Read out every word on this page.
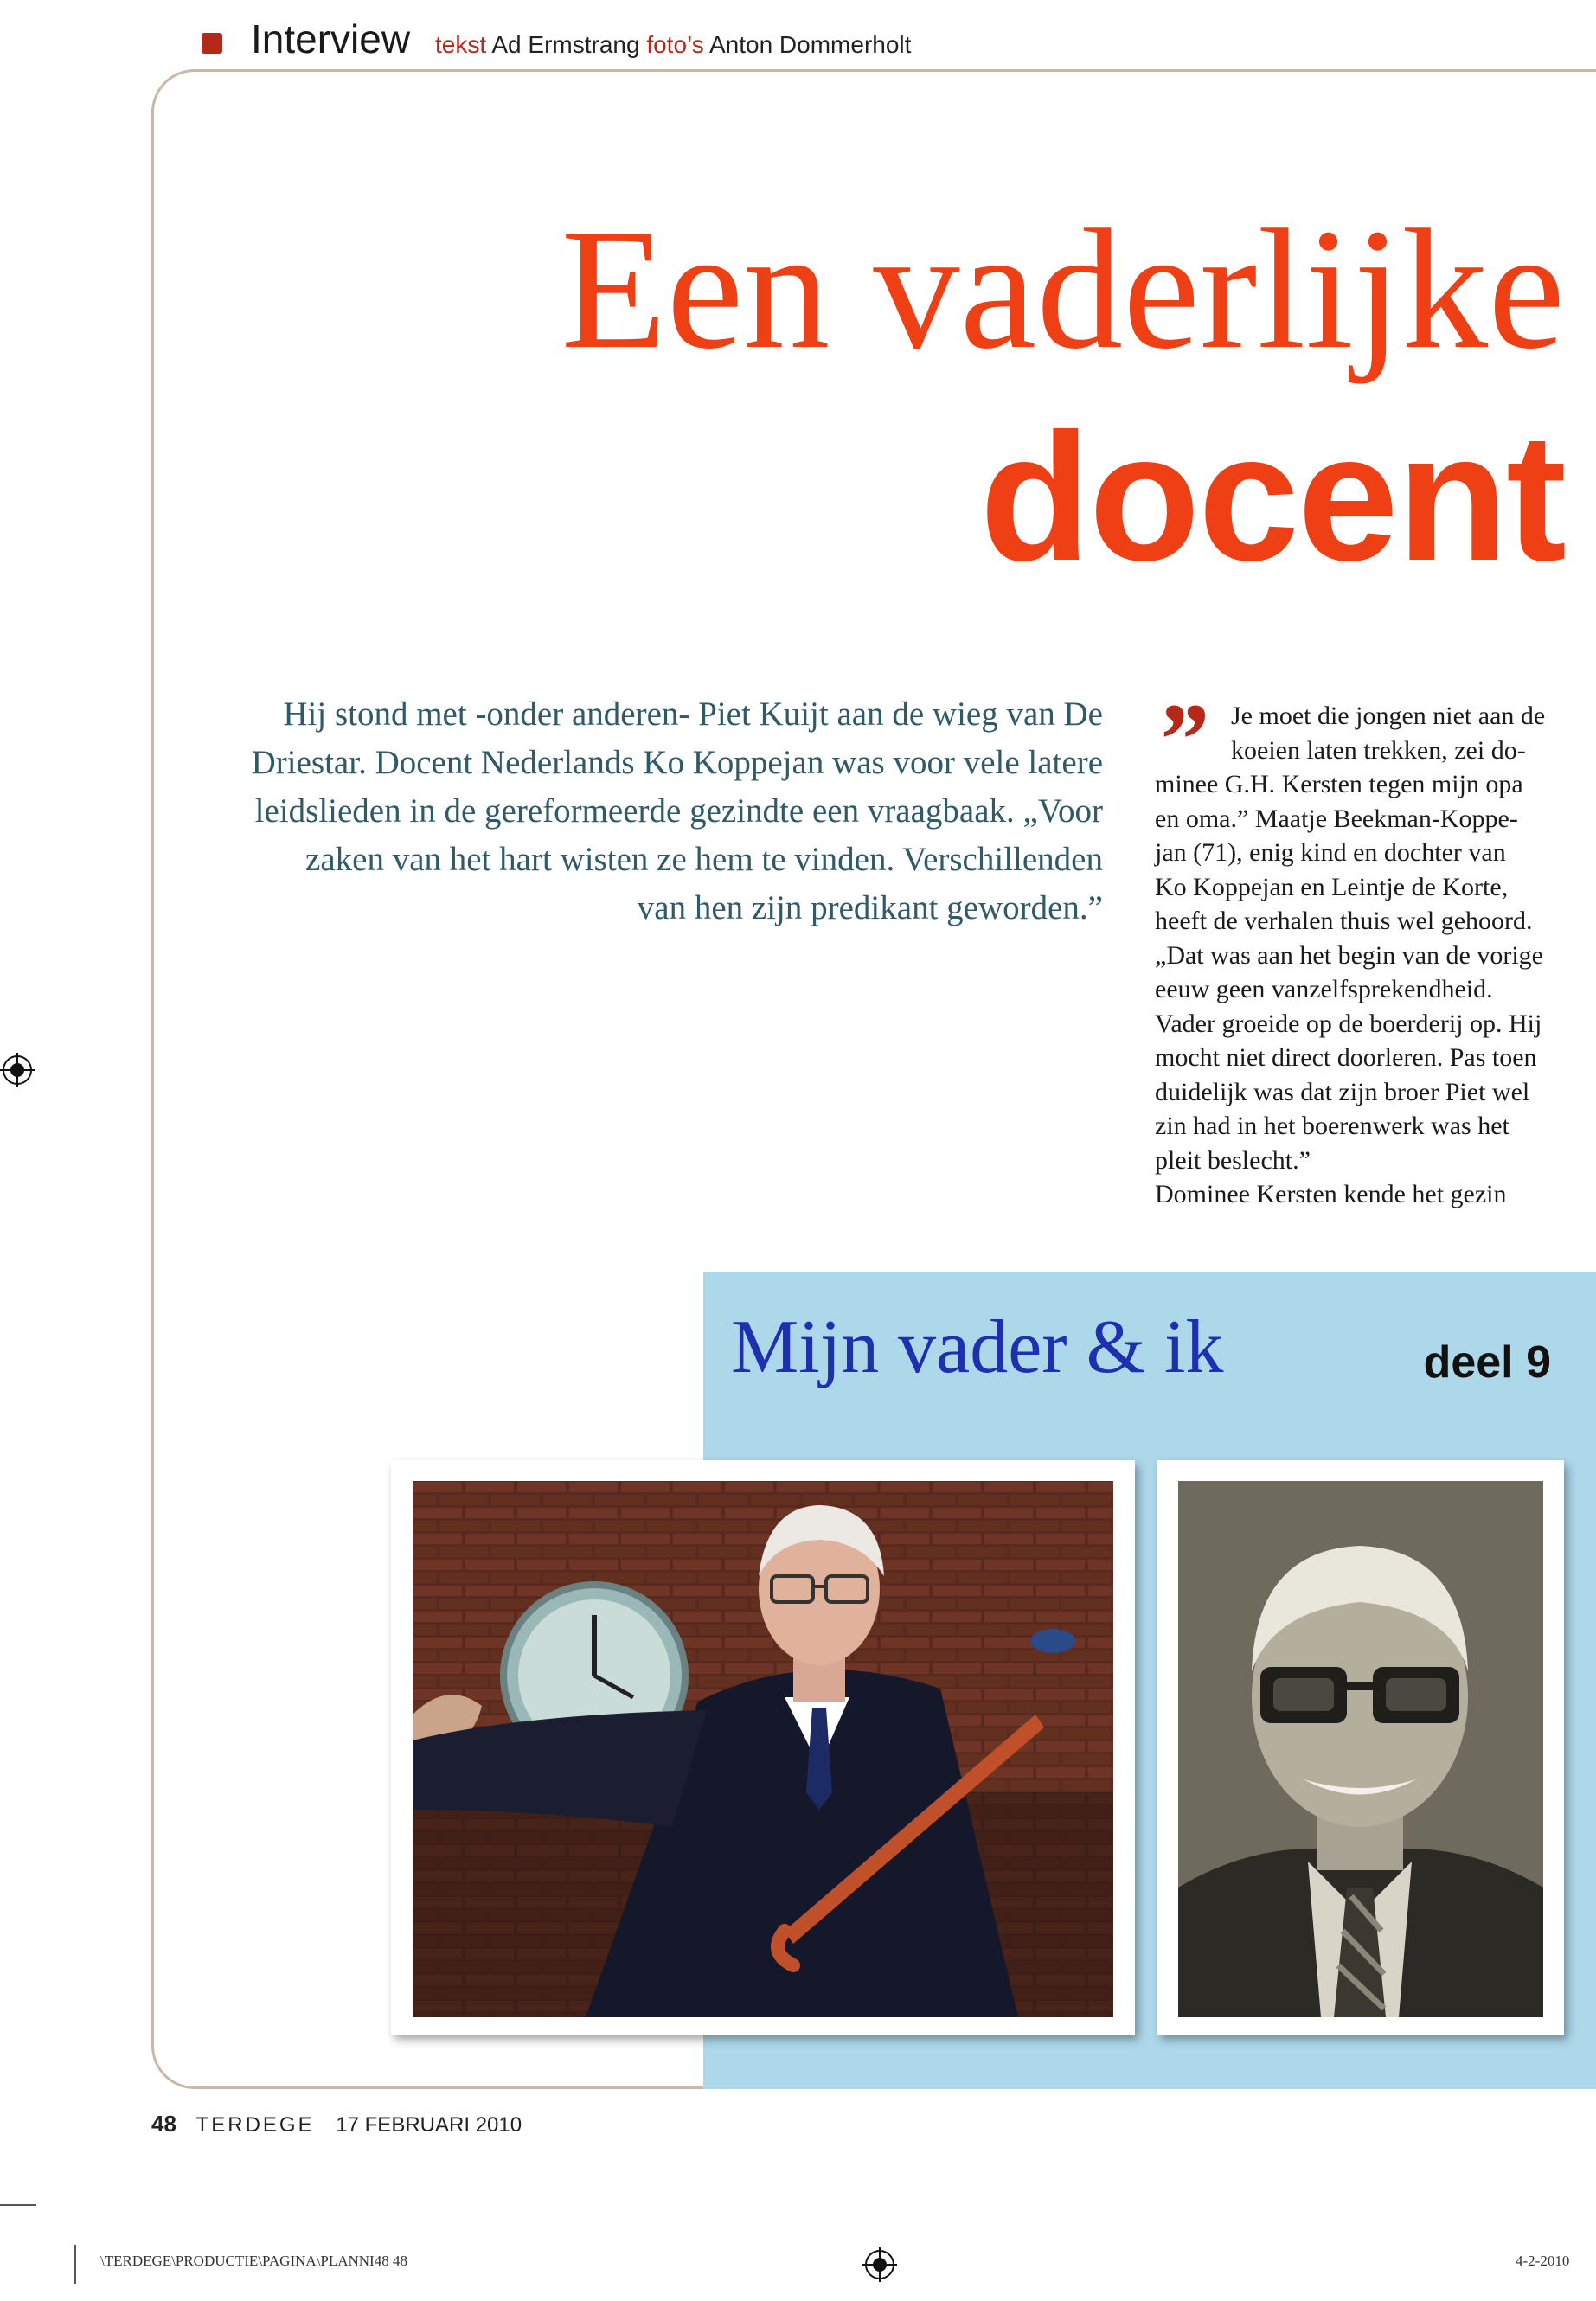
Interview tekst Ad Ermstrang foto’s Anton Dommerholt
Een vaderlijke
docent

Hij stond met -onder anderen- Piet Kuijt aan de wieg van De Driestar. Docent Nederlands Ko Koppejan was voor vele latere leidslieden in de gereformeerde gezindte een vraagbaak. „Voor zaken van het hart wisten ze hem te vinden. Verschillenden van hen zijn predikant geworden.”

” Je moet die jongen niet aan de
koeien laten trekken, zei do-
minee G.H. Kersten tegen mijn opa
en oma.” Maatje Beekman-Koppe-
jan (71), enig kind en dochter van
Ko Koppejan en Leintje de Korte,
heeft de verhalen thuis wel gehoord.
„Dat was aan het begin van de vorige
eeuw geen vanzelfsprekendheid.
Vader groeide op de boerderij op. Hij
mocht niet direct doorleren. Pas toen
duidelijk was dat zijn broer Piet wel
zin had in het boerenwerk was het
pleit beslecht.”
Dominee Kersten kende het gezin
Mijn vader & ik	deel 9
48 TERDEGE 17 FEBRUARI 2010
\TERDEGE\PRODUCTIE\PAGINA\PLANNI48 48	4-2-2010
